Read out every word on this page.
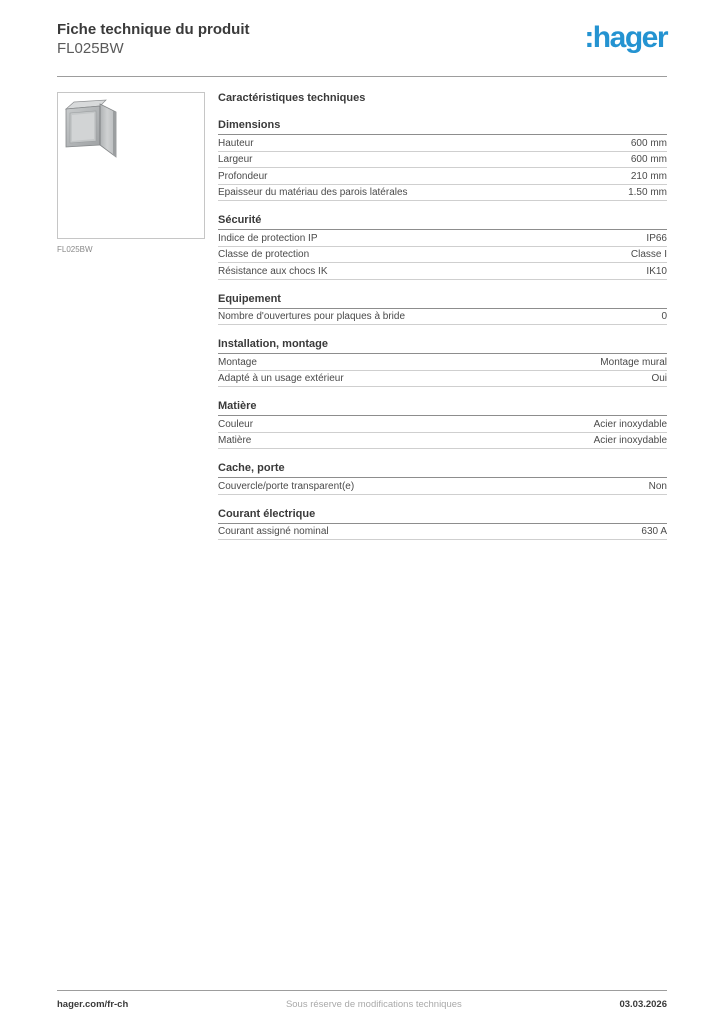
Fiche technique du produit
FL025BW	:hager
FL025BW
Caractéristiques techniques
Dimensions
Hauteur	600 mm
Largeur	600 mm
Profondeur	210 mm
Epaisseur du matériau des parois latérales	1.50 mm
Sécurité
Indice de protection IP	IP66
Classe de protection	Classe I
Résistance aux chocs IK	IK10
Equipement
Nombre d'ouvertures pour plaques à bride	0
Installation, montage
Montage	Montage mural
Adapté à un usage extérieur	Oui
Matière
Couleur	Acier inoxydable
Matière	Acier inoxydable
Cache, porte
Couvercle/porte transparent(e)	Non
Courant électrique
Courant assigné nominal	630 A
hager.com/fr-ch	Sous réserve de modifications techniques	03.03.2026
